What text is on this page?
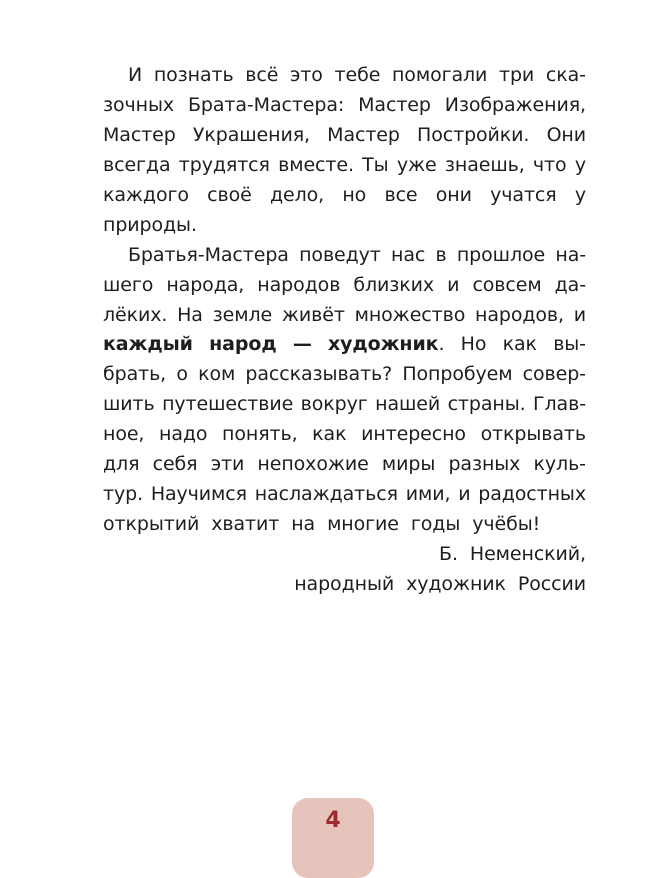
И познать всё это тебе помогали три ска-
зочных Брата-Мастера: Мастер Изображения,
Мастер Украшения, Мастер Постройки. Они
всегда трудятся вместе. Ты уже знаешь, что у
каждого своё дело, но все они учатся у
природы.
Братья-Мастера поведут нас в прошлое на-
шего народа, народов близких и совсем да-
лёких. На земле живёт множество народов, и
каждый народ — художник. Но как вы-
брать, о ком рассказывать? Попробуем совер-
шить путешествие вокруг нашей страны. Глав-
ное, надо понять, как интересно открывать
для себя эти непохожие миры разных куль-
тур. Научимся наслаждаться ими, и радостных
открытий хватит на многие годы учёбы!
Б. Неменский,
народный художник России
4
